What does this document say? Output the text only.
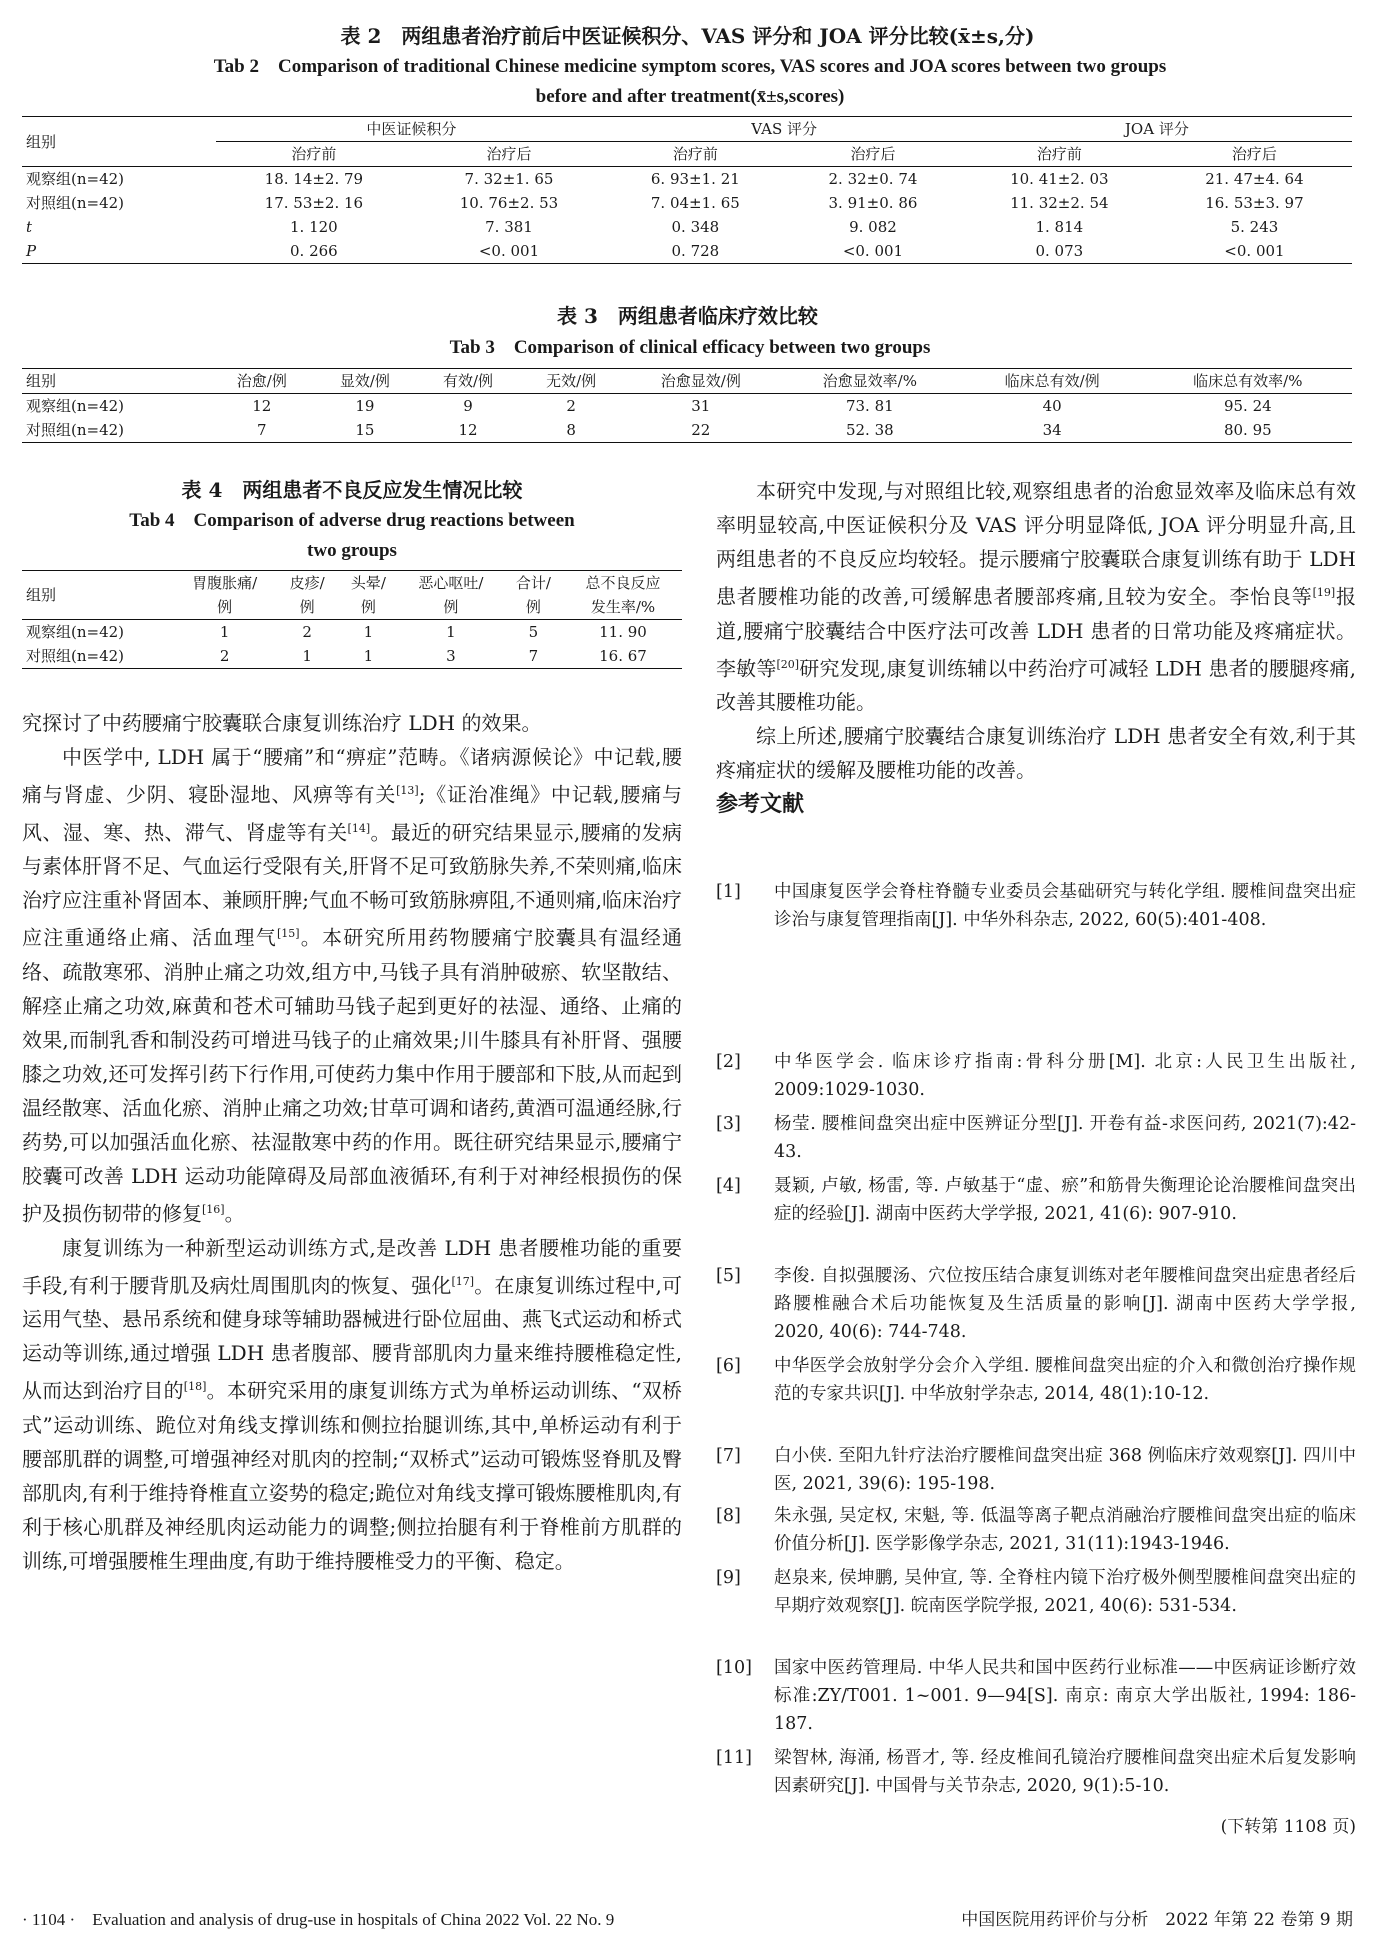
表 2　两组患者治疗前后中医证候积分、VAS 评分和 JOA 评分比较(x̄±s,分)
Tab 2　Comparison of traditional Chinese medicine symptom scores, VAS scores and JOA scores between two groups
before and after treatment(x̄±s,scores)
组别	中医证候积分		VAS 评分		JOA 评分	
	治疗前	治疗后	治疗前	治疗后	治疗前	治疗后
观察组(n=42)	18. 14±2. 79	7. 32±1. 65	6. 93±1. 21	2. 32±0. 74	10. 41±2. 03	21. 47±4. 64
对照组(n=42)	17. 53±2. 16	10. 76±2. 53	7. 04±1. 65	3. 91±0. 86	11. 32±2. 54	16. 53±3. 97
t	1. 120	7. 381	0. 348	9. 082	1. 814	5. 243
P	0. 266	<0. 001	0. 728	<0. 001	0. 073	<0. 001
表 3　两组患者临床疗效比较
Tab 3　Comparison of clinical efficacy between two groups
组别	治愈/例	显效/例	有效/例	无效/例	治愈显效/例	治愈显效率/%	临床总有效/例	临床总有效率/%
观察组(n=42)	12	19	9	2	31	73. 81	40	95. 24
对照组(n=42)	7	15	12	8	22	52. 38	34	80. 95
表 4　两组患者不良反应发生情况比较
Tab 4　Comparison of adverse drug reactions between
two groups
组别	胃腹胀痛/	皮疹/	头晕/	恶心呕吐/	合计/	总不良反应
	例	例	例	例	例	发生率/%
观察组(n=42)	1	2	1	1	5	11. 90
对照组(n=42)	2	1	1	3	7	16. 67

究探讨了中药腰痛宁胶囊联合康复训练治疗 LDH 的效果。

中医学中, LDH 属于“腰痛”和“痹症”范畴。《诸病源候论》中记载,腰痛与肾虚、少阴、寝卧湿地、风痹等有关[13];《证治准绳》中记载,腰痛与风、湿、寒、热、滞气、肾虚等有关[14]。最近的研究结果显示,腰痛的发病与素体肝肾不足、气血运行受限有关,肝肾不足可致筋脉失养,不荣则痛,临床治疗应注重补肾固本、兼顾肝脾;气血不畅可致筋脉痹阻,不通则痛,临床治疗应注重通络止痛、活血理气[15]。本研究所用药物腰痛宁胶囊具有温经通络、疏散寒邪、消肿止痛之功效,组方中,马钱子具有消肿破瘀、软坚散结、解痉止痛之功效,麻黄和苍术可辅助马钱子起到更好的祛湿、通络、止痛的效果,而制乳香和制没药可增进马钱子的止痛效果;川牛膝具有补肝肾、强腰膝之功效,还可发挥引药下行作用,可使药力集中作用于腰部和下肢,从而起到温经散寒、活血化瘀、消肿止痛之功效;甘草可调和诸药,黄酒可温通经脉,行药势,可以加强活血化瘀、祛湿散寒中药的作用。既往研究结果显示,腰痛宁胶囊可改善 LDH 运动功能障碍及局部血液循环,有利于对神经根损伤的保护及损伤韧带的修复[16]。

康复训练为一种新型运动训练方式,是改善 LDH 患者腰椎功能的重要手段,有利于腰背肌及病灶周围肌肉的恢复、强化[17]。在康复训练过程中,可运用气垫、悬吊系统和健身球等辅助器械进行卧位屈曲、燕飞式运动和桥式运动等训练,通过增强 LDH 患者腹部、腰背部肌肉力量来维持腰椎稳定性,从而达到治疗目的[18]。本研究采用的康复训练方式为单桥运动训练、“双桥式”运动训练、跪位对角线支撑训练和侧拉抬腿训练,其中,单桥运动有利于腰部肌群的调整,可增强神经对肌肉的控制;“双桥式”运动可锻炼竖脊肌及臀部肌肉,有利于维持脊椎直立姿势的稳定;跪位对角线支撑可锻炼腰椎肌肉,有利于核心肌群及神经肌肉运动能力的调整;侧拉抬腿有利于脊椎前方肌群的训练,可增强腰椎生理曲度,有助于维持腰椎受力的平衡、稳定。

本研究中发现,与对照组比较,观察组患者的治愈显效率及临床总有效率明显较高,中医证候积分及 VAS 评分明显降低, JOA 评分明显升高,且两组患者的不良反应均较轻。提示腰痛宁胶囊联合康复训练有助于 LDH 患者腰椎功能的改善,可缓解患者腰部疼痛,且较为安全。李怡良等[19]报道,腰痛宁胶囊结合中医疗法可改善 LDH 患者的日常功能及疼痛症状。李敏等[20]研究发现,康复训练辅以中药治疗可减轻 LDH 患者的腰腿疼痛,改善其腰椎功能。

综上所述,腰痛宁胶囊结合康复训练治疗 LDH 患者安全有效,利于其疼痛症状的缓解及腰椎功能的改善。

参考文献

[1] 中国康复医学会脊柱脊髓专业委员会基础研究与转化学组. 腰椎间盘突出症诊治与康复管理指南[J]. 中华外科杂志, 2022, 60(5):401-408.
[2] 中华医学会. 临床诊疗指南:骨科分册[M]. 北京:人民卫生出版社, 2009:1029-1030.
[3] 杨莹. 腰椎间盘突出症中医辨证分型[J]. 开卷有益-求医问药, 2021(7):42-43.
[4] 聂颖, 卢敏, 杨雷, 等. 卢敏基于“虚、瘀”和筋骨失衡理论论治腰椎间盘突出症的经验[J]. 湖南中医药大学学报, 2021, 41(6): 907-910.
[5] 李俊. 自拟强腰汤、穴位按压结合康复训练对老年腰椎间盘突出症患者经后路腰椎融合术后功能恢复及生活质量的影响[J]. 湖南中医药大学学报, 2020, 40(6): 744-748.
[6] 中华医学会放射学分会介入学组. 腰椎间盘突出症的介入和微创治疗操作规范的专家共识[J]. 中华放射学杂志, 2014, 48(1):10-12.
[7] 白小侠. 至阳九针疗法治疗腰椎间盘突出症 368 例临床疗效观察[J]. 四川中医, 2021, 39(6): 195-198.
[8] 朱永强, 吴定权, 宋魁, 等. 低温等离子靶点消融治疗腰椎间盘突出症的临床价值分析[J]. 医学影像学杂志, 2021, 31(11):1943-1946.
[9] 赵泉来, 侯坤鹏, 吴仲宣, 等. 全脊柱内镜下治疗极外侧型腰椎间盘突出症的早期疗效观察[J]. 皖南医学院学报, 2021, 40(6): 531-534.
[10] 国家中医药管理局. 中华人民共和国中医药行业标准——中医病证诊断疗效标准:ZY/T001. 1~001. 9—94[S]. 南京: 南京大学出版社, 1994: 186-187.
[11] 梁智林, 海涌, 杨晋才, 等. 经皮椎间孔镜治疗腰椎间盘突出症术后复发影响因素研究[J]. 中国骨与关节杂志, 2020, 9(1):5-10.
(下转第 1108 页)
· 1104 ·　Evaluation and analysis of drug-use in hospitals of China 2022 Vol. 22 No. 9	中国医院用药评价与分析　2022 年第 22 卷第 9 期
